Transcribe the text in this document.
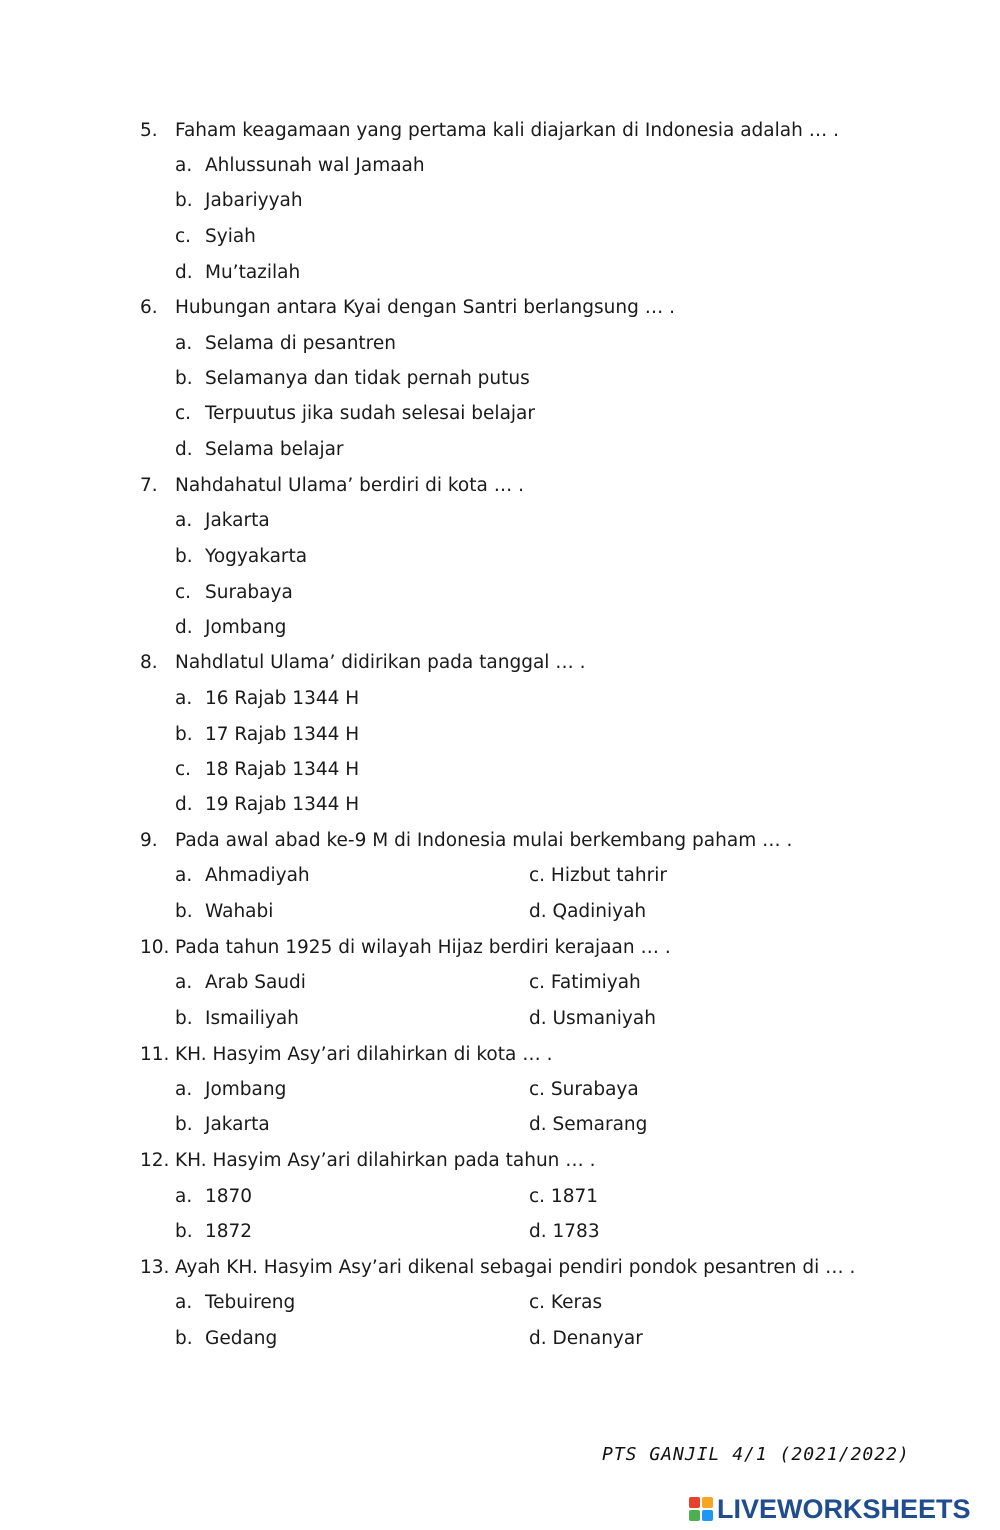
5. Faham keagamaan yang pertama kali diajarkan di Indonesia adalah … .
a. Ahlussunah wal Jamaah
b. Jabariyyah
c. Syiah
d. Mu’tazilah
6. Hubungan antara Kyai dengan Santri berlangsung … .
a. Selama di pesantren
b. Selamanya dan tidak pernah putus
c. Terpuutus jika sudah selesai belajar
d. Selama belajar
7. Nahdahatul Ulama’ berdiri di kota … .
a. Jakarta
b. Yogyakarta
c. Surabaya
d. Jombang
8. Nahdlatul Ulama’ didirikan pada tanggal … .
a. 16 Rajab 1344 H
b. 17 Rajab 1344 H
c. 18 Rajab 1344 H
d. 19 Rajab 1344 H
9. Pada awal abad ke-9 M di Indonesia mulai berkembang paham … .
a. Ahmadiyah	c. Hizbut tahrir
b. Wahabi	d. Qadiniyah
10. Pada tahun 1925 di wilayah Hijaz berdiri kerajaan … .
a. Arab Saudi	c. Fatimiyah
b. Ismailiyah	d. Usmaniyah
11. KH. Hasyim Asy’ari dilahirkan di kota … .
a. Jombang	c. Surabaya
b. Jakarta	d. Semarang
12. KH. Hasyim Asy’ari dilahirkan pada tahun … .
a. 1870	c. 1871
b. 1872	d. 1783
13. Ayah KH. Hasyim Asy’ari dikenal sebagai pendiri pondok pesantren di … .
a. Tebuireng	c. Keras
b. Gedang	d. Denanyar
PTS GANJIL 4/1 (2021/2022)
LIVEWORKSHEETS
